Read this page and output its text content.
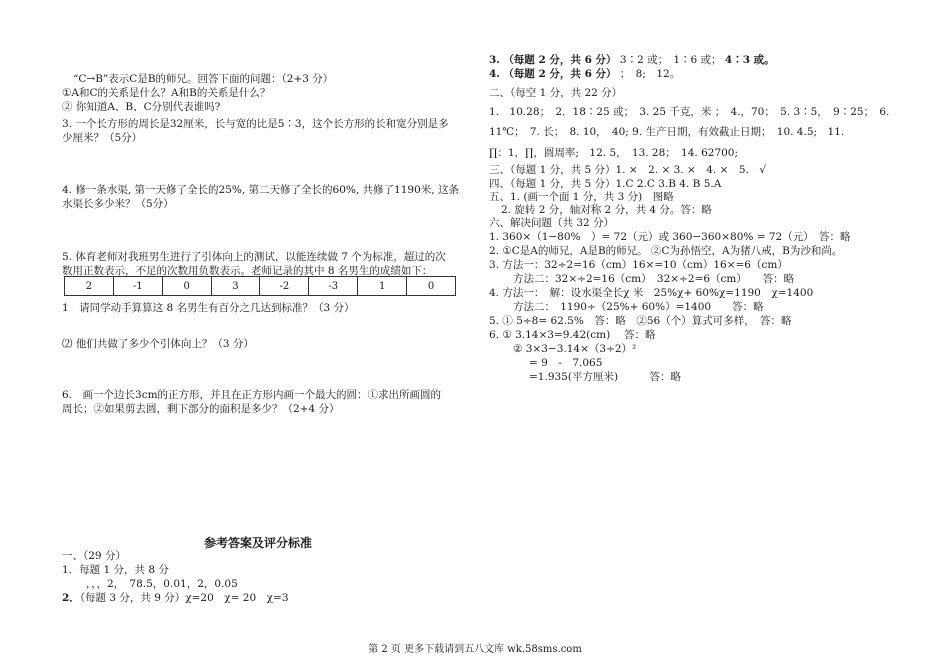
“C→B”表示C是B的师兄。回答下面的问题：（2+3 分）
①A和C的关系是什么？A和B的关系是什么？
② 你知道A、B、C分别代表谁吗?
3. 一个长方形的周长是32厘米，长与宽的比是5∶3，这个长方形的长和宽分别是多
少厘米？（5分）
4. 修一条水渠, 第一天修了全长的25%, 第二天修了全长的60%, 共修了1190米, 这条
水渠长多少米？（5分）
5. 体育老师对我班男生进行了引体向上的测试，以能连续做 7 个为标准，超过的次
数用正数表示，不足的次数用负数表示。老师记录的其中 8 名男生的成绩如下：
2	-1	0	3	-2	-3	1	0
1　请同学动手算算这 8 名男生有百分之几达到标准？（3 分）
⑵ 他们共做了多少个引体向上？（3 分）
6.　画一个边长3cm的正方形，并且在正方形内画一个最大的圆：①求出所画圆的
周长；②如果剪去圆，剩下部分的面积是多少？（2+4 分）
参考答案及评分标准
一、（29 分）
1．每题 1 分，共 8 分
，，，2，　78.5，0.01，2，0.05
2．（每题 3 分，共 9 分）χ=20　χ= 20　χ=3
3. （每题 2 分，共 6 分） 3∶2 或；　1∶6 或； 4∶3 或。
4. （每题 2 分，共 6 分） ；　8;　12。
二、（每空 1 分，共 22 分）
1.　10.28；　2．18∶25 或；　3. 25 千克，米 ；　4.，70；　5. 3∶5，　9∶25；　6.
11℃；　7. 长；　8. 10，　40; 9. 生产日期，有效截止日期；　10. 4.5;　11.
∏：1，∏，圆周率;　12. 5，　13. 28；　14. 62700;
三、（每题 1 分，共 5 分）1. ×　2. × 3. ×　4. ×　5.　√
四、（每题 1 分，共 5 分）1.C 2.C 3.B 4. B 5.A
五、1. (画一个面 1 分，共 3 分)　图略
2. 旋转 2 分，轴对称 2 分，共 4 分。答：略
六、解决问题（共 32 分）
1. 360×（1−80%　）= 72（元）或 360−360×80% = 72（元）　答：略
2. ①C是A的师兄，A是B的师兄。 ②C为孙悟空，A为猪八戒，B为沙和尚。
3. 方法一：32÷2=16（cm）16×=10（cm）16×=6（cm）
方法二：32×÷2=16（cm）　32×÷2=6（cm）　　答：略
4. 方法一：　解：设水渠全长χ 米　25%χ+ 60%χ=1190　χ=1400
方法二：　1190÷（25%+ 60%）=1400　　答：略
5. ① 5÷8= 62.5%　答：略　②56（个）算式可多样，　答：略
6. ① 3.14×3=9.42(cm)　 答：略
② 3×3−3.14×（3÷2）²
= 9　-　7.065
=1.935(平方厘米)　　　答：略
第 2 页 更多下载请到五八文库 wk.58sms.com
